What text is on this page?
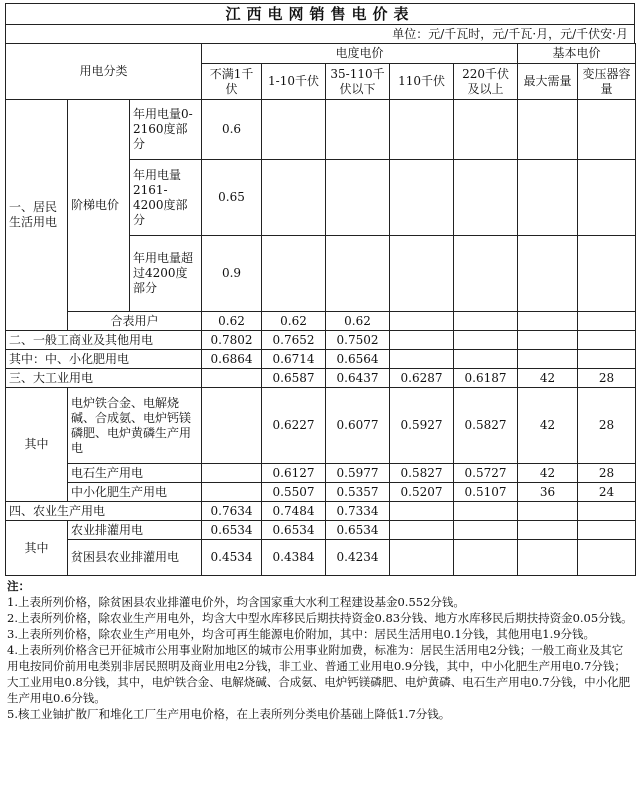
江西电网销售电价表
单位：元/千瓦时，元/千瓦·月，元/千伏安·月
用电分类			电度电价					基本电价	
			不满1千伏	1-10千伏	35-110千伏以下	110千伏	220千伏及以上	最大需量	变压器容量
一、居民生活用电	阶梯电价	年用电量0-2160度部分	0.6						
		年用电量2161-4200度部分	0.65						
		年用电量超过4200度部分	0.9						
	合表用户		0.62	0.62	0.62				
二、一般工商业及其他用电			0.7802	0.7652	0.7502				
其中：中、小化肥用电			0.6864	0.6714	0.6564				
三、大工业用电				0.6587	0.6437	0.6287	0.6187	42	28
其中	电炉铁合金、电解烧碱、合成氨、电炉钙镁磷肥、电炉黄磷生产用电			0.6227	0.6077	0.5927	0.5827	42	28
	电石生产用电			0.6127	0.5977	0.5827	0.5727	42	28
	中小化肥生产用电			0.5507	0.5357	0.5207	0.5107	36	24
四、农业生产用电			0.7634	0.7484	0.7334				
其中	农业排灌用电		0.6534	0.6534	0.6534				
	贫困县农业排灌用电		0.4534	0.4384	0.4234				

注：

1.上表所列价格，除贫困县农业排灌电价外，均含国家重大水利工程建设基金0.552分钱。

2.上表所列价格，除农业生产用电外，均含大中型水库移民后期扶持资金0.83分钱、地方水库移民后期扶持资金0.05分钱。

3.上表所列价格，除农业生产用电外，均含可再生能源电价附加，其中：居民生活用电0.1分钱，其他用电1.9分钱。

4.上表所列价格含已开征城市公用事业附加地区的城市公用事业附加费，标准为：居民生活用电2分钱；一般工商业及其它用电按同价前用电类别非居民照明及商业用电2分钱，非工业、普通工业用电0.9分钱，其中，中小化肥生产用电0.7分钱；大工业用电0.8分钱，其中，电炉铁合金、电解烧碱、合成氨、电炉钙镁磷肥、电炉黄磷、电石生产用电0.7分钱，中小化肥生产用电0.6分钱。

5.核工业铀扩散厂和堆化工厂生产用电价格，在上表所列分类电价基础上降低1.7分钱。
